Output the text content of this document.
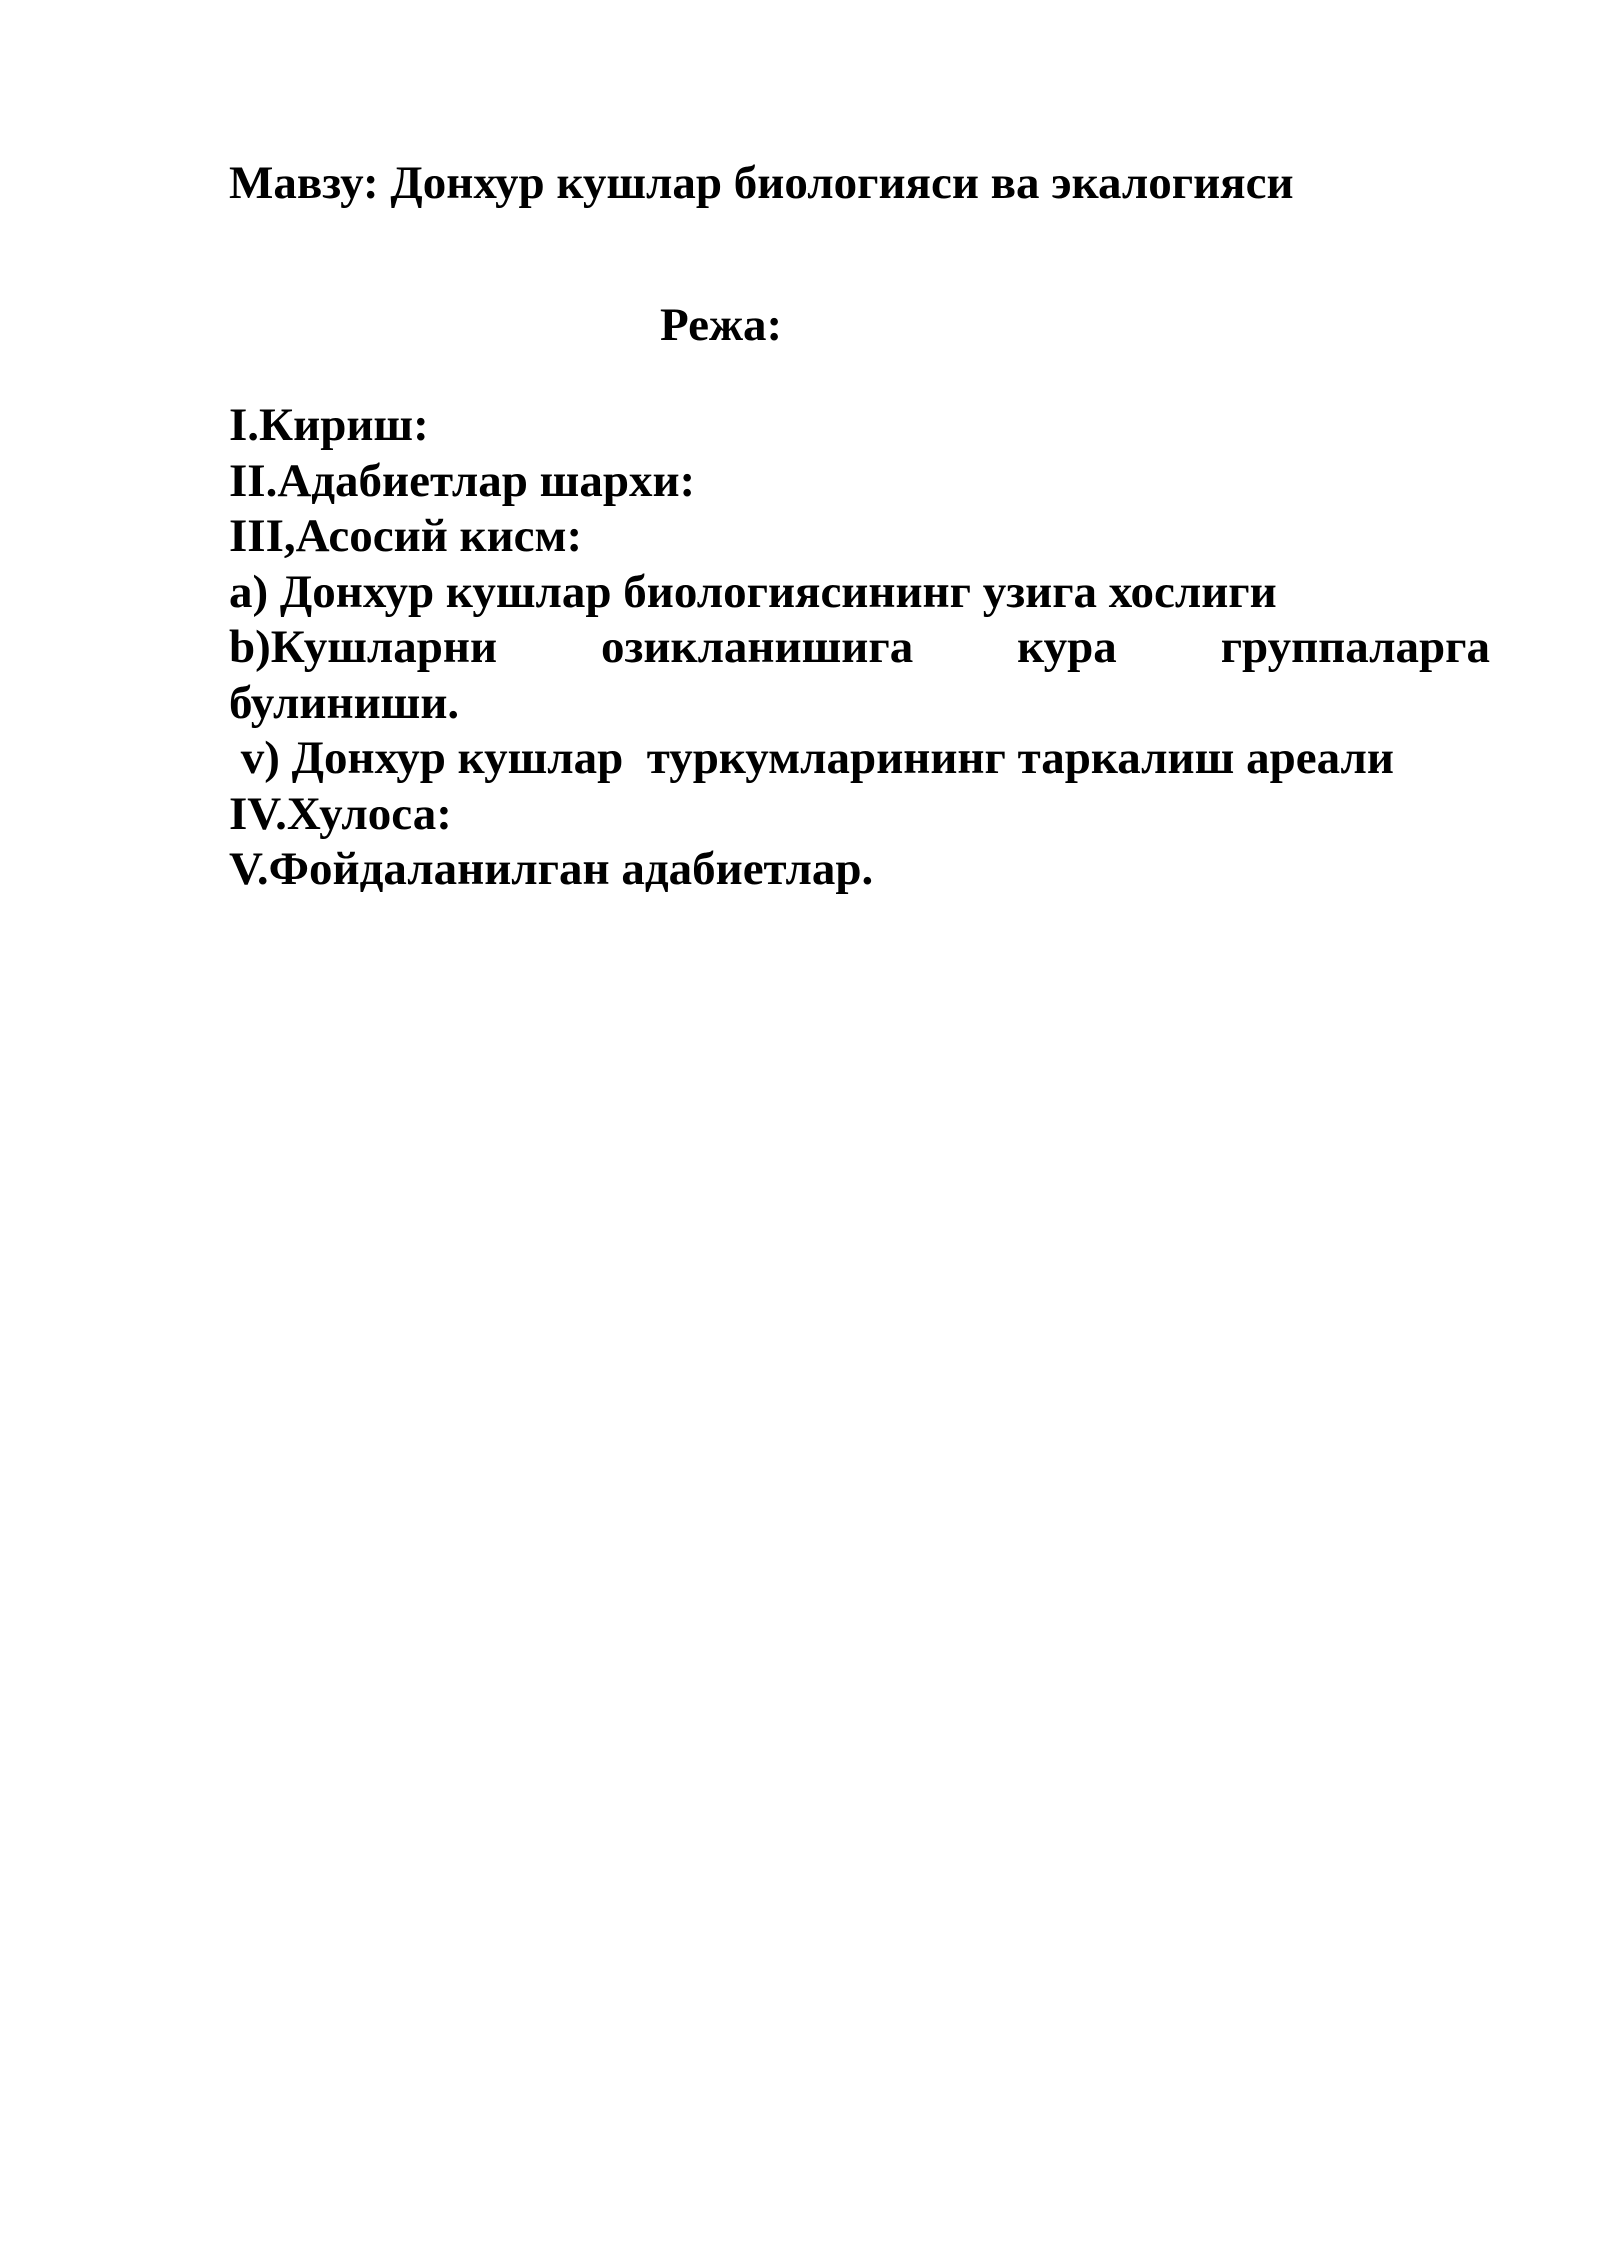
Мавзу: Донхур кушлар биологияси ва экалогияси
Режа:
I.Кириш:
II.Адабиетлар шархи:
III,Асосий кисм:
а) Донхур кушлар биологиясининг узига хослиги
b)Кушларни озикланишига кура группаларга
булиниши.
v) Донхур кушлар  туркумларининг таркалиш ареали
IV.Хулоса:
V.Фойдаланилган адабиетлар.
